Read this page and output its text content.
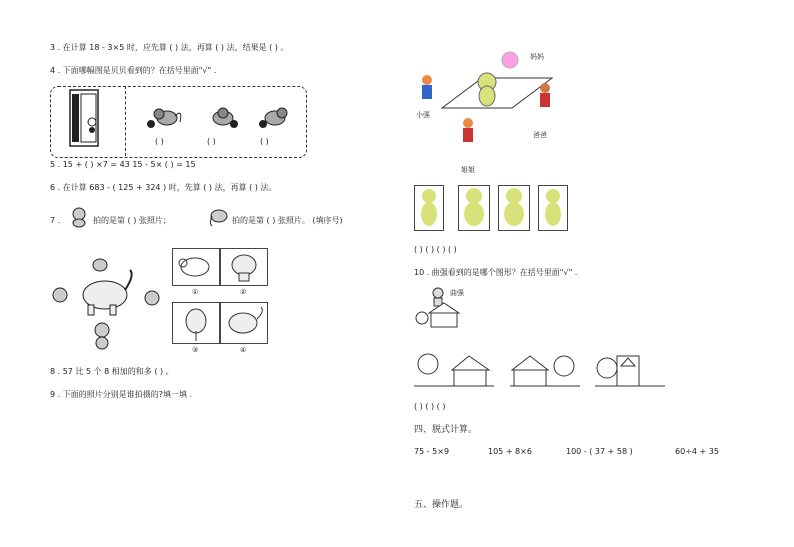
3 . 在计算 18 - 3×5 时，应先算 ( ) 法，再算 ( ) 法，结果是 ( ) 。
4 . 下面哪幅图是贝贝看到的？在括号里面"√" .
( )	( )	( )
5 . 15 + ( ) ×7 = 43 15 - 5× ( ) = 15
6 . 在计算 683 - ( 125 + 324 ) 时，先算 ( ) 法，再算 ( ) 法。
7 .	拍的是第 ( ) 张照片；	拍的是第 ( ) 张照片。 (填序号)
①	②
③	④
8 . 57 比 5 个 8 相加的和多 ( ) 。
9 . 下面的照片分别是谁拍摄的?填一填 .
妈妈
小强
爸爸
姐姐
( ) ( ) ( ) ( )
10 . 曲强看到的是哪个图形？在括号里面"√" .
曲强
( ) ( ) ( )
四、脱式计算。
75 - 5×9	105 + 8×6	100 - ( 37 + 58 )	60÷4 + 35
五、操作题。
